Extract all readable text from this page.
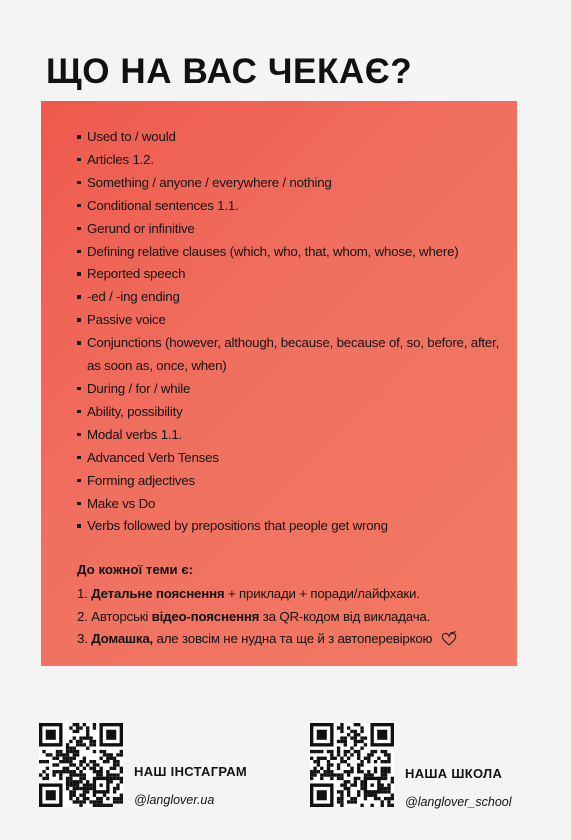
ЩО НА ВАС ЧЕКАЄ?
Used to / would
Articles 1.2.
Something / anyone / everywhere / nothing
Conditional sentences 1.1.
Gerund or infinitive
Defining relative clauses (which, who, that, whom, whose, where)
Reported speech
-ed / -ing ending
Passive voice
Conjunctions (however, although, because, because of, so, before, after, as soon as, once, when)
During / for / while
Ability, possibility
Modal verbs 1.1.
Advanced Verb Tenses
Forming adjectives
Make vs Do
Verbs followed by prepositions that people get wrong
До кожної теми є:
1. Детальне пояснення + приклади + поради/лайфхаки.
2. Авторські відео-пояснення за QR-кодом від викладача.
3. Домашка, але зовсім не нудна та ще й з автоперевіркою
НАШ ІНСТАГРАМ
@langlover.ua
НАША ШКОЛА
@langlover_school
